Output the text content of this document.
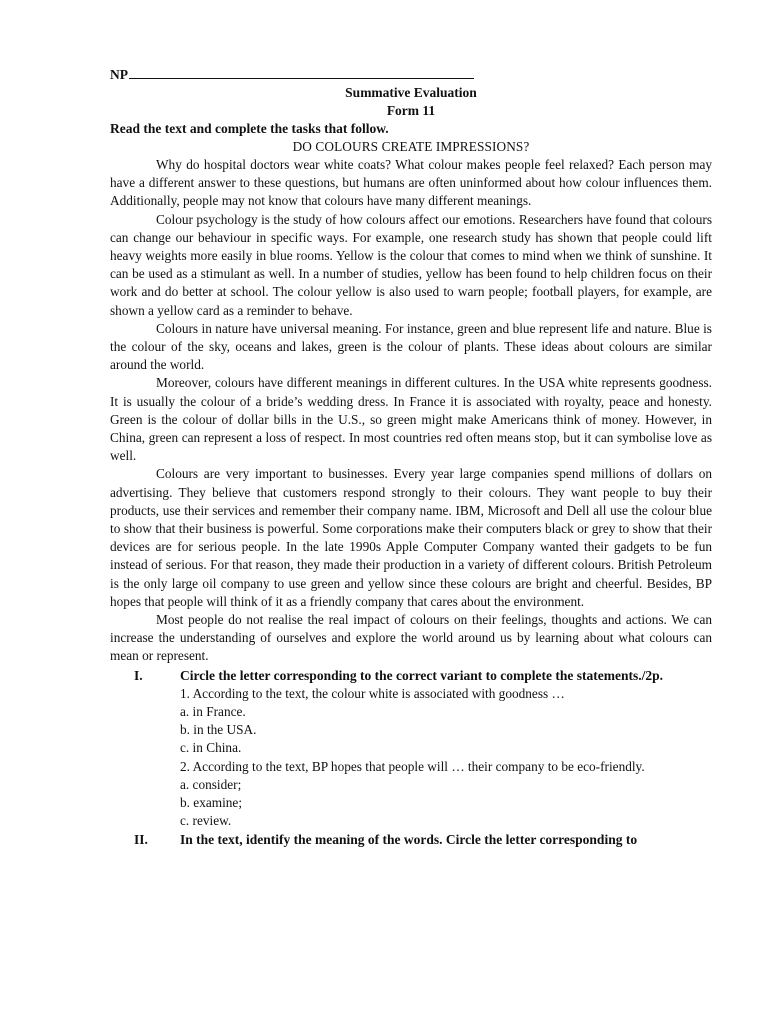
NP
Summative Evaluation
Form 11
Read the text and complete the tasks that follow.
DO COLOURS CREATE IMPRESSIONS?

Why do hospital doctors wear white coats? What colour makes people feel relaxed? Each person may have a different answer to these questions, but humans are often uninformed about how colour influences them. Additionally, people may not know that colours have many different meanings.

Colour psychology is the study of how colours affect our emotions. Researchers have found that colours can change our behaviour in specific ways. For example, one research study has shown that people could lift heavy weights more easily in blue rooms. Yellow is the colour that comes to mind when we think of sunshine. It can be used as a stimulant as well. In a number of studies, yellow has been found to help children focus on their work and do better at school. The colour yellow is also used to warn people; football players, for example, are shown a yellow card as a reminder to behave.

Colours in nature have universal meaning. For instance, green and blue represent life and nature. Blue is the colour of the sky, oceans and lakes, green is the colour of plants. These ideas about colours are similar around the world.

Moreover, colours have different meanings in different cultures. In the USA white represents goodness. It is usually the colour of a bride’s wedding dress. In France it is associated with royalty, peace and honesty. Green is the colour of dollar bills in the U.S., so green might make Americans think of money. However, in China, green can represent a loss of respect. In most countries red often means stop, but it can symbolise love as well.

Colours are very important to businesses. Every year large companies spend millions of dollars on advertising. They believe that customers respond strongly to their colours. They want people to buy their products, use their services and remember their company name. IBM, Microsoft and Dell all use the colour blue to show that their business is powerful. Some corporations make their computers black or grey to show that their devices are for serious people. In the late 1990s Apple Computer Company wanted their gadgets to be fun instead of serious. For that reason, they made their production in a variety of different colours. British Petroleum is the only large oil company to use green and yellow since these colours are bright and cheerful. Besides, BP hopes that people will think of it as a friendly company that cares about the environment.

Most people do not realise the real impact of colours on their feelings, thoughts and actions. We can increase the understanding of ourselves and explore the world around us by learning about what colours can mean or represent.

I.	Circle the letter corresponding to the correct variant to complete the statements./2p.

1. According to the text, the colour white is associated with goodness …

a. in France.

b. in the USA.

c. in China.

2. According to the text, BP hopes that people will … their company to be eco-friendly.

a. consider;

b. examine;

c. review.

II.	In the text, identify the meaning of the words. Circle the letter corresponding to
